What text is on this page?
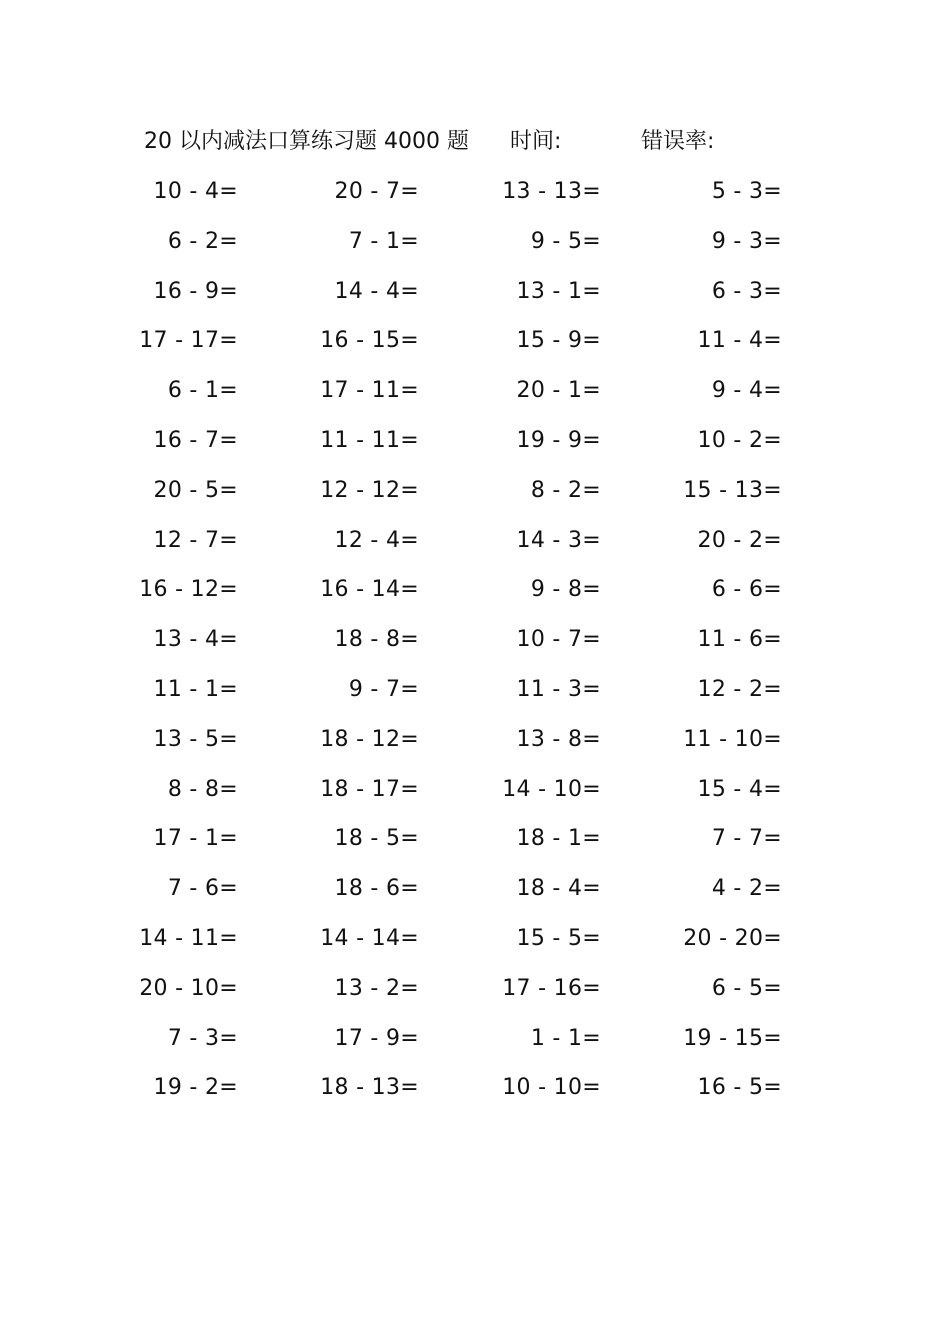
20 以内减法口算练习题 4000 题 时间:	错误率:
10 - 4=	20 - 7=	13 - 13=	5 - 3=
6 - 2=	7 - 1=	9 - 5=	9 - 3=
16 - 9=	14 - 4=	13 - 1=	6 - 3=
17 - 17=	16 - 15=	15 - 9=	11 - 4=
6 - 1=	17 - 11=	20 - 1=	9 - 4=
16 - 7=	11 - 11=	19 - 9=	10 - 2=
20 - 5=	12 - 12=	8 - 2=	15 - 13=
12 - 7=	12 - 4=	14 - 3=	20 - 2=
16 - 12=	16 - 14=	9 - 8=	6 - 6=
13 - 4=	18 - 8=	10 - 7=	11 - 6=
11 - 1=	9 - 7=	11 - 3=	12 - 2=
13 - 5=	18 - 12=	13 - 8=	11 - 10=
8 - 8=	18 - 17=	14 - 10=	15 - 4=
17 - 1=	18 - 5=	18 - 1=	7 - 7=
7 - 6=	18 - 6=	18 - 4=	4 - 2=
14 - 11=	14 - 14=	15 - 5=	20 - 20=
20 - 10=	13 - 2=	17 - 16=	6 - 5=
7 - 3=	17 - 9=	1 - 1=	19 - 15=
19 - 2=	18 - 13=	10 - 10=	16 - 5=
